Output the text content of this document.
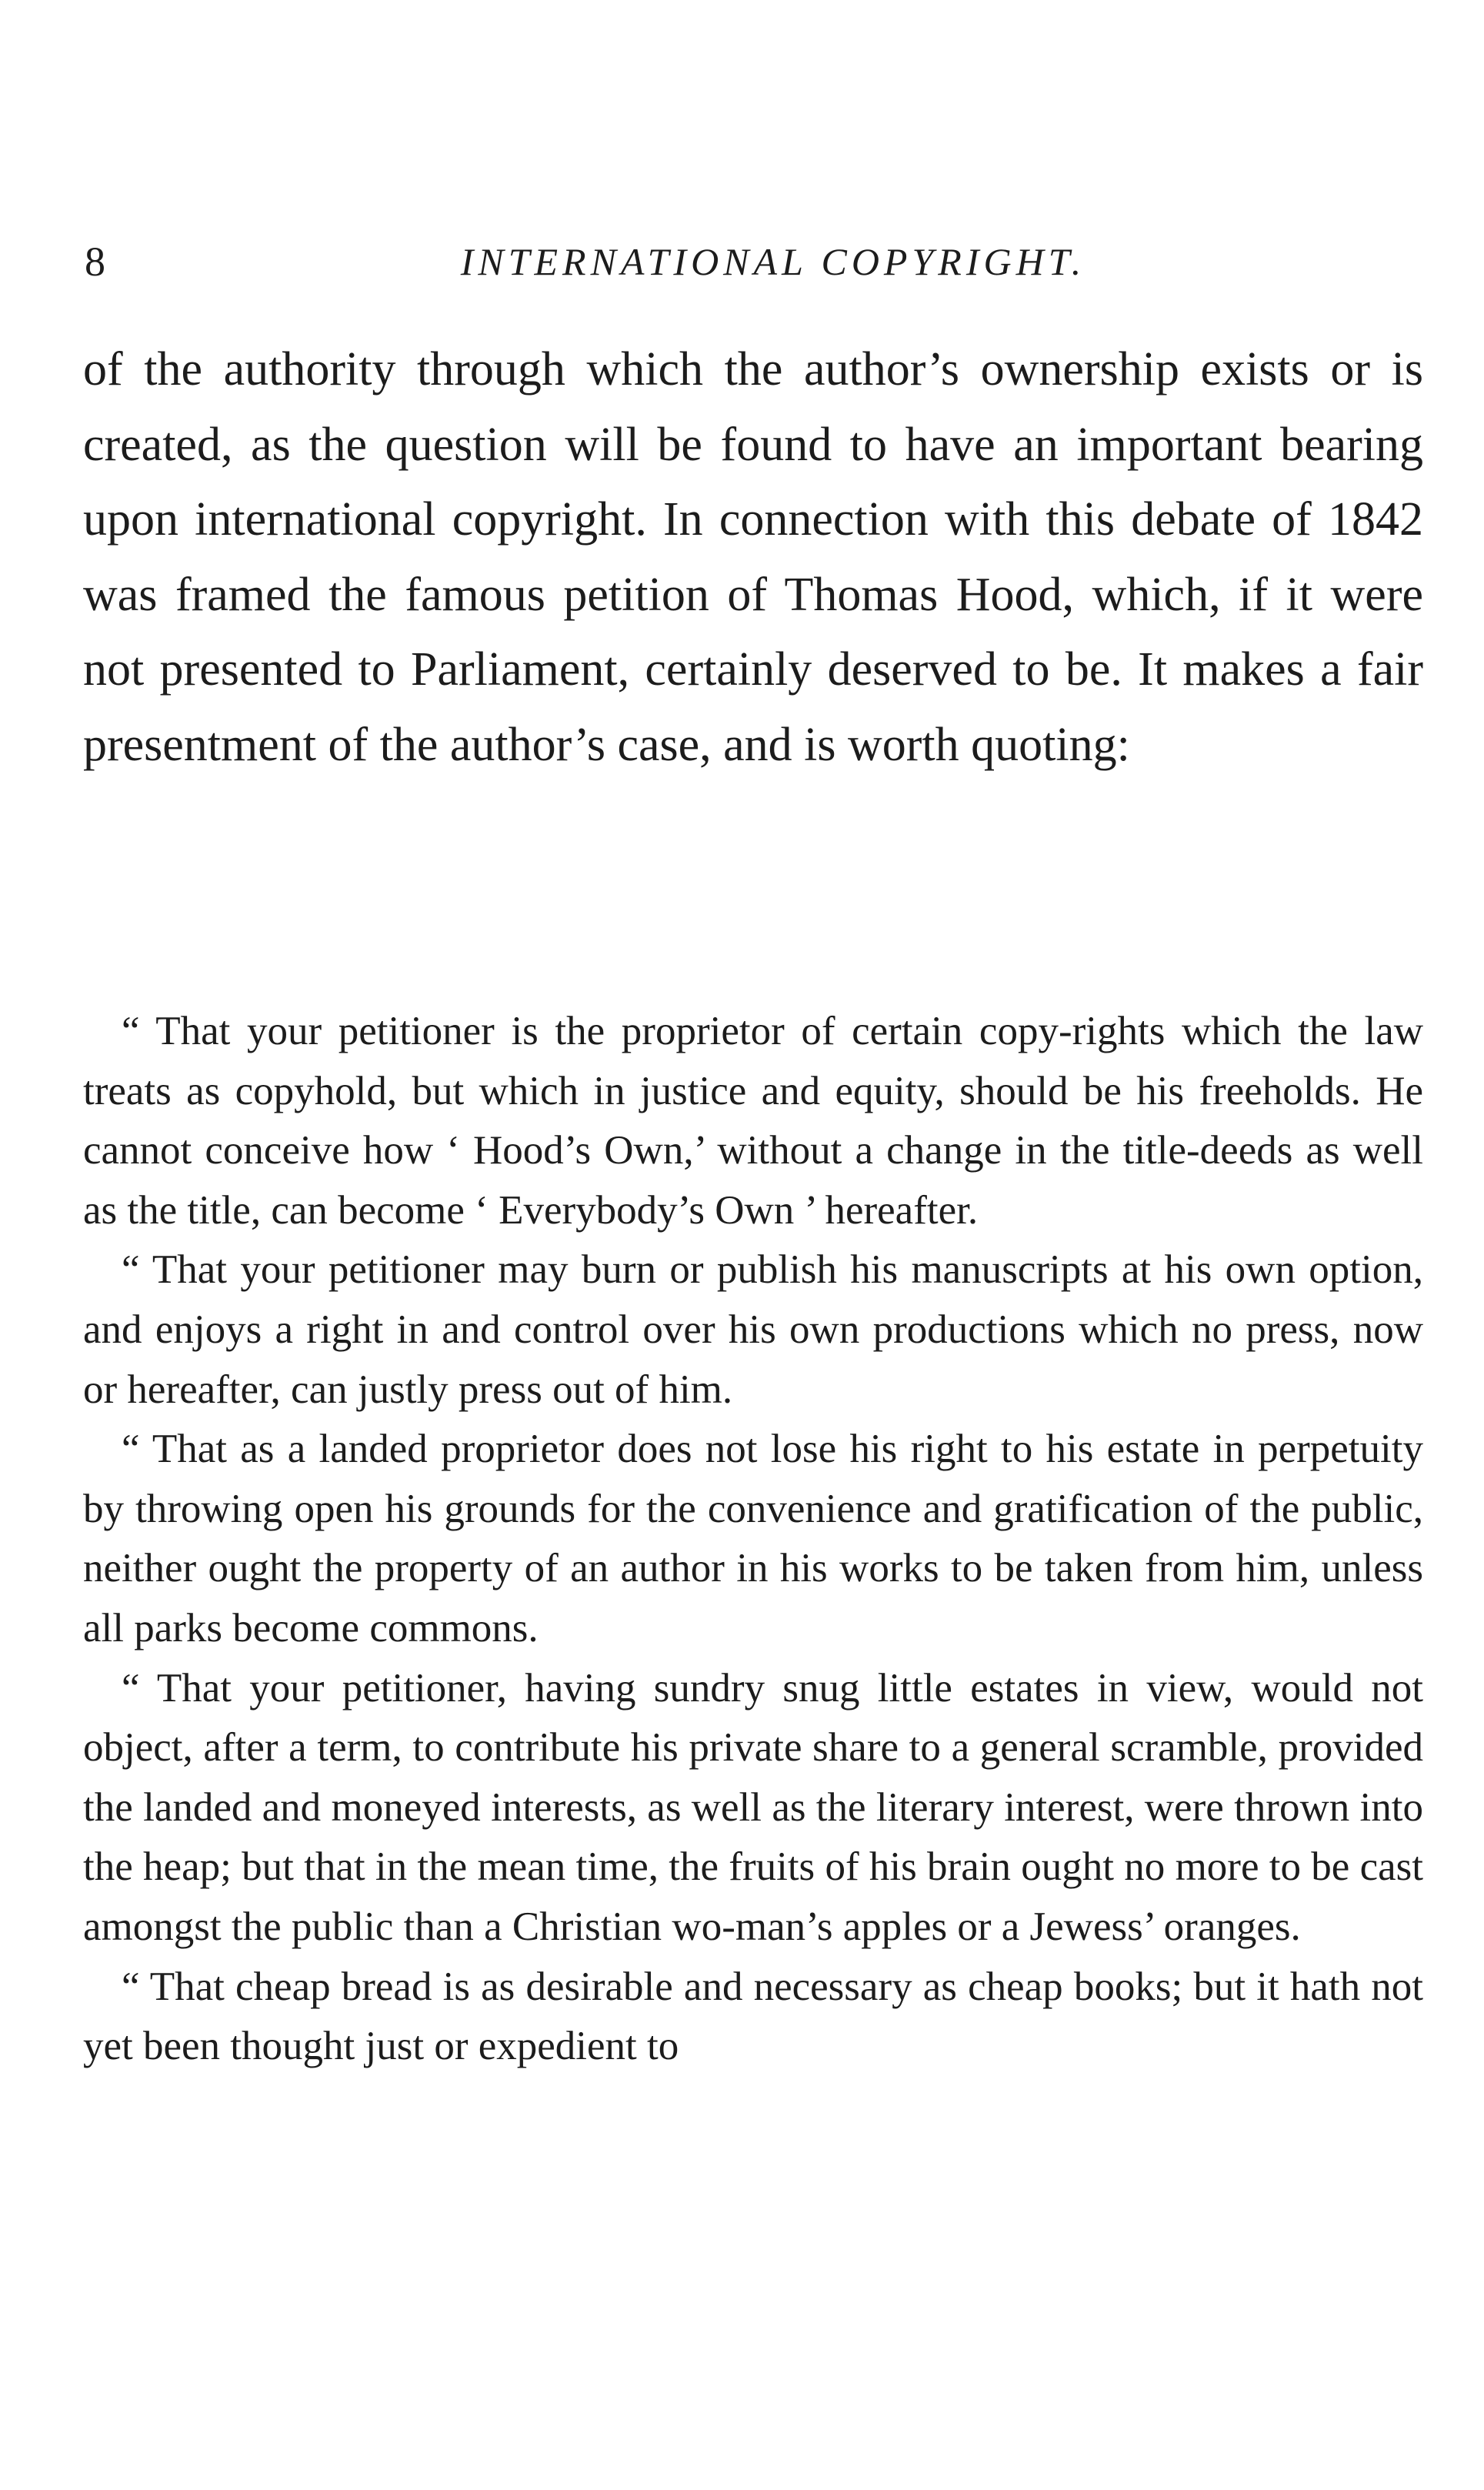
8	INTERNATIONAL COPYRIGHT.

of the authority through which the author’s ownership exists or is created, as the question will be found to have an important bearing upon international copyright. In connection with this debate of 1842 was framed the famous petition of Thomas Hood, which, if it were not presented to Parliament, certainly deserved to be. It makes a fair presentment of the author’s case, and is worth quoting:

“ That your petitioner is the proprietor of certain copy-rights which the law treats as copyhold, but which in justice and equity, should be his freeholds. He cannot conceive how ‘ Hood’s Own,’ without a change in the title-deeds as well as the title, can become ‘ Everybody’s Own ’ hereafter.

“ That your petitioner may burn or publish his manuscripts at his own option, and enjoys a right in and control over his own productions which no press, now or hereafter, can justly press out of him.

“ That as a landed proprietor does not lose his right to his estate in perpetuity by throwing open his grounds for the convenience and gratification of the public, neither ought the property of an author in his works to be taken from him, unless all parks become commons.

“ That your petitioner, having sundry snug little estates in view, would not object, after a term, to contribute his private share to a general scramble, provided the landed and moneyed interests, as well as the literary interest, were thrown into the heap; but that in the mean time, the fruits of his brain ought no more to be cast amongst the public than a Christian wo-man’s apples or a Jewess’ oranges.

“ That cheap bread is as desirable and necessary as cheap books; but it hath not yet been thought just or expedient to
